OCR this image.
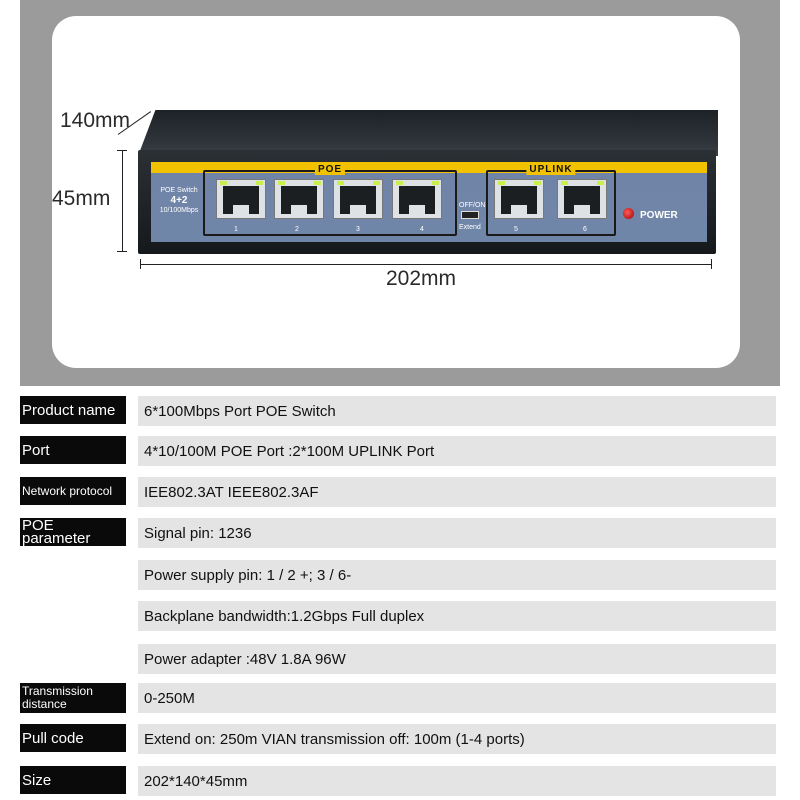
140mm
45mm
202mm
POE Switch
4+2
10/100Mbps
POE	UPLINK
1	2	3	4	5	6
OFF/ON
Extend
POWER
Product name	6*100Mbps Port POE Switch
Port	4*10/100M POE Port :2*100M UPLINK Port
Network protocol	IEE802.3AT IEEE802.3AF
POE parameter	Signal pin: 1236
Power supply pin: 1 / 2 +; 3 / 6-
Backplane bandwidth:1.2Gbps Full duplex
Power adapter :48V 1.8A 96W
Transmission distance	0-250M
Pull code	Extend on: 250m VIAN transmission off: 100m (1-4 ports)
Size	202*140*45mm
